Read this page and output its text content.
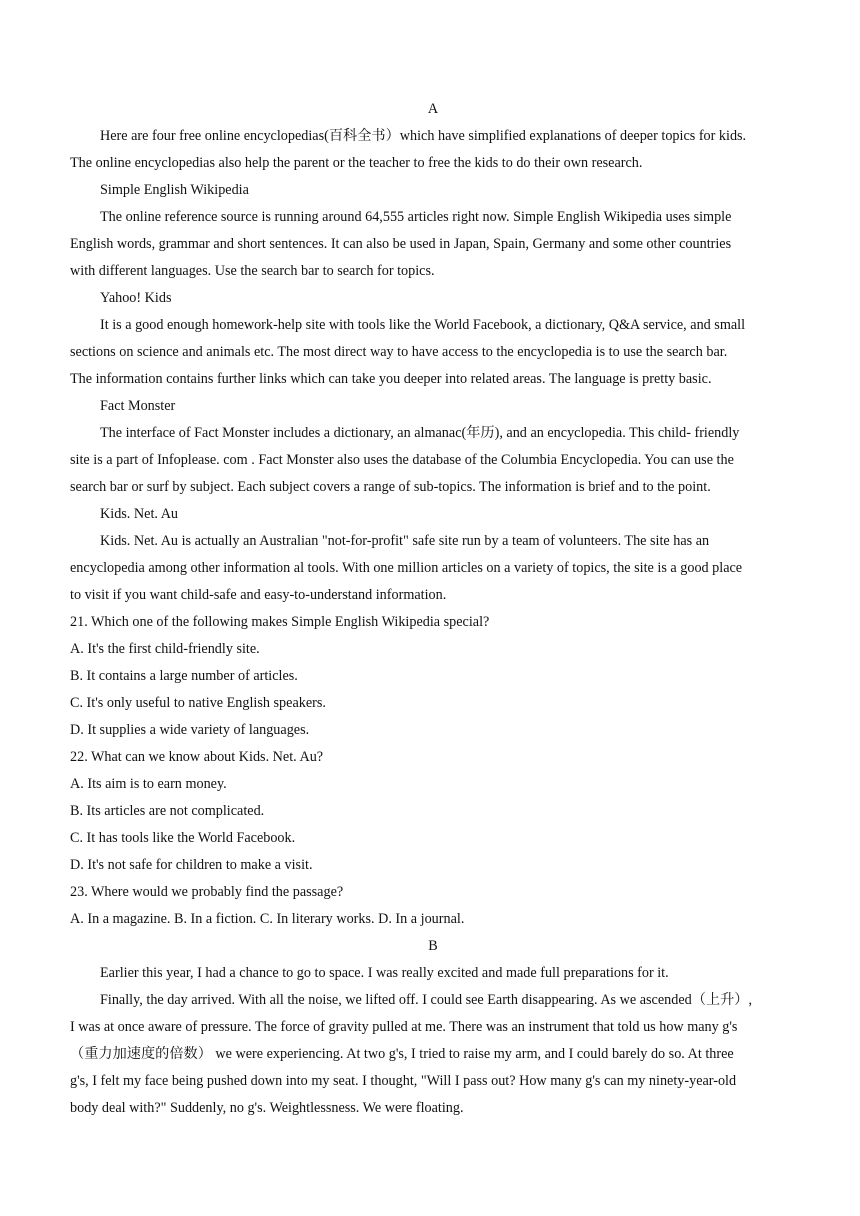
A

Here are four free online encyclopedias(百科全书）which have simplified explanations of deeper topics for kids.

The online encyclopedias also help the parent or the teacher to free the kids to do their own research.

Simple English Wikipedia

The online reference source is running around 64,555 articles right now. Simple English Wikipedia uses simple

English words, grammar and short sentences. It can also be used in Japan, Spain, Germany and some other countries

with different languages. Use the search bar to search for topics.

Yahoo! Kids

It is a good enough homework-help site with tools like the World Facebook, a dictionary, Q&A service, and small

sections on science and animals etc. The most direct way to have access to the encyclopedia is to use the search bar.

The information contains further links which can take you deeper into related areas. The language is pretty basic.

Fact Monster

The interface of Fact Monster includes a dictionary, an almanac(年历), and an encyclopedia. This child- friendly

site is a part of Infoplease. com . Fact Monster also uses the database of the Columbia Encyclopedia. You can use the

search bar or surf by subject. Each subject covers a range of sub-topics. The information is brief and to the point.

Kids. Net. Au

Kids. Net. Au is actually an Australian "not-for-profit" safe site run by a team of volunteers. The site has an

encyclopedia among other information al tools. With one million articles on a variety of topics, the site is a good place

to visit if you want child-safe and easy-to-understand information.

21. Which one of the following makes Simple English Wikipedia special?

A. It's the first child-friendly site.

B. It contains a large number of articles.

C. It's only useful to native English speakers.

D. It supplies a wide variety of languages.

22. What can we know about Kids. Net. Au?

A. Its aim is to earn money.

B. Its articles are not complicated.

C. It has tools like the World Facebook.

D. It's not safe for children to make a visit.

23. Where would we probably find the passage?

A. In a magazine. B. In a fiction. C. In literary works. D. In a journal.

B

Earlier this year, I had a chance to go to space. I was really excited and made full preparations for it.

Finally, the day arrived. With all the noise, we lifted off. I could see Earth disappearing. As we ascended（上升）,

I was at once aware of pressure. The force of gravity pulled at me. There was an instrument that told us how many g's

（重力加速度的倍数） we were experiencing. At two g's, I tried to raise my arm, and I could barely do so. At three

g's, I felt my face being pushed down into my seat. I thought, "Will I pass out? How many g's can my ninety-year-old

body deal with?" Suddenly, no g's. Weightlessness. We were floating.
